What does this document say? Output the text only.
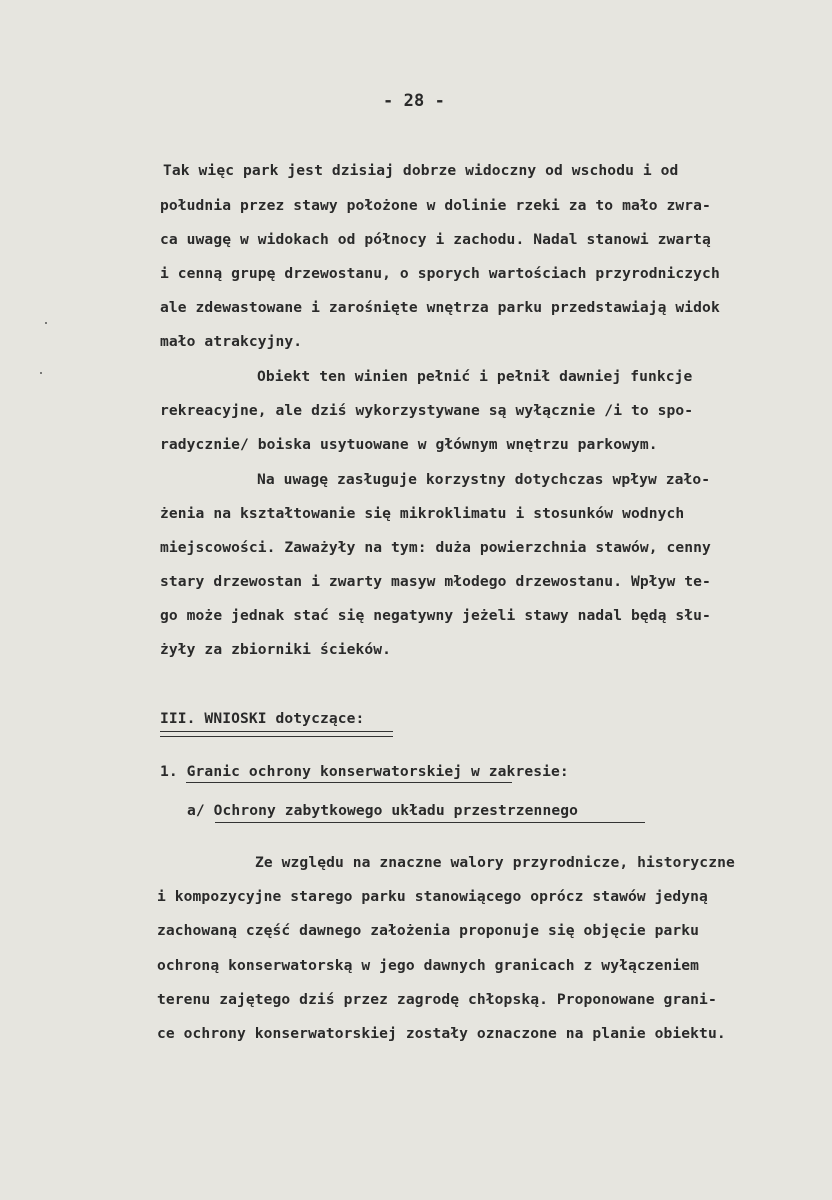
- 28 -
Tak więc park jest dzisiaj dobrze widoczny od wschodu i od
południa przez stawy położone w dolinie rzeki za to mało zwra-
ca uwagę w widokach od północy i zachodu. Nadal stanowi zwartą
i cenną grupę drzewostanu, o sporych wartościach przyrodniczych
ale zdewastowane i zarośnięte wnętrza parku przedstawiają widok
mało atrakcyjny.
Obiekt ten winien pełnić i pełnił dawniej funkcje
rekreacyjne, ale dziś wykorzystywane są wyłącznie /i to spo-
radycznie/ boiska usytuowane w głównym wnętrzu parkowym.
Na uwagę zasługuje korzystny dotychczas wpływ zało-
żenia na kształtowanie się mikroklimatu i stosunków wodnych
miejscowości. Zaważyły na tym: duża powierzchnia stawów, cenny
stary drzewostan i zwarty masyw młodego drzewostanu. Wpływ te-
go może jednak stać się negatywny jeżeli stawy nadal będą słu-
żyły za zbiorniki ścieków.
III. WNIOSKI dotyczące:
1. Granic ochrony konserwatorskiej w zakresie:
a/ Ochrony zabytkowego układu przestrzennego
Ze względu na znaczne walory przyrodnicze, historyczne
i kompozycyjne starego parku stanowiącego oprócz stawów jedyną
zachowaną część dawnego założenia proponuje się objęcie parku
ochroną konserwatorską w jego dawnych granicach z wyłączeniem
terenu zajętego dziś przez zagrodę chłopską. Proponowane grani-
ce ochrony konserwatorskiej zostały oznaczone na planie obiektu.
